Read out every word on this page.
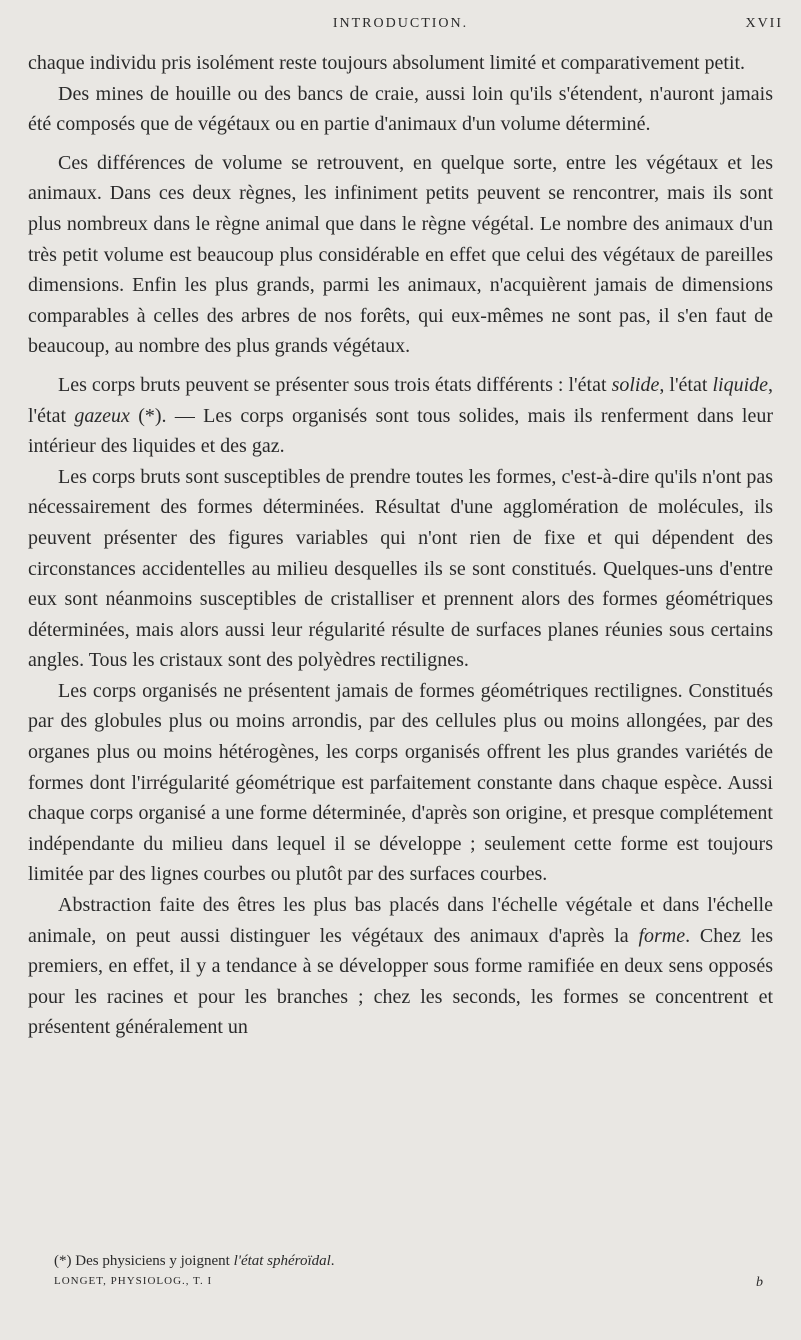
INTRODUCTION.	XVII

chaque individu pris isolément reste toujours absolument limité et comparativement petit.

Des mines de houille ou des bancs de craie, aussi loin qu'ils s'étendent, n'auront jamais été composés que de végétaux ou en partie d'animaux d'un volume déterminé.

Ces différences de volume se retrouvent, en quelque sorte, entre les végétaux et les animaux. Dans ces deux règnes, les infiniment petits peuvent se rencontrer, mais ils sont plus nombreux dans le règne animal que dans le règne végétal. Le nombre des animaux d'un très petit volume est beaucoup plus considérable en effet que celui des végétaux de pareilles dimensions. Enfin les plus grands, parmi les animaux, n'acquièrent jamais de dimensions comparables à celles des arbres de nos forêts, qui eux-mêmes ne sont pas, il s'en faut de beaucoup, au nombre des plus grands végétaux.

Les corps bruts peuvent se présenter sous trois états différents : l'état solide, l'état liquide, l'état gazeux (*). — Les corps organisés sont tous solides, mais ils renferment dans leur intérieur des liquides et des gaz.

Les corps bruts sont susceptibles de prendre toutes les formes, c'est-à-dire qu'ils n'ont pas nécessairement des formes déterminées. Résultat d'une agglomération de molécules, ils peuvent présenter des figures variables qui n'ont rien de fixe et qui dépendent des circonstances accidentelles au milieu desquelles ils se sont constitués. Quelques-uns d'entre eux sont néanmoins susceptibles de cristalliser et prennent alors des formes géométriques déterminées, mais alors aussi leur régularité résulte de surfaces planes réunies sous certains angles. Tous les cristaux sont des polyèdres rectilignes.

Les corps organisés ne présentent jamais de formes géométriques rectilignes. Constitués par des globules plus ou moins arrondis, par des cellules plus ou moins allongées, par des organes plus ou moins hétérogènes, les corps organisés offrent les plus grandes variétés de formes dont l'irrégularité géométrique est parfaitement constante dans chaque espèce. Aussi chaque corps organisé a une forme déterminée, d'après son origine, et presque complétement indépendante du milieu dans lequel il se développe ; seulement cette forme est toujours limitée par des lignes courbes ou plutôt par des surfaces courbes.

Abstraction faite des êtres les plus bas placés dans l'échelle végétale et dans l'échelle animale, on peut aussi distinguer les végétaux des animaux d'après la forme. Chez les premiers, en effet, il y a tendance à se développer sous forme ramifiée en deux sens opposés pour les racines et pour les branches ; chez les seconds, les formes se concentrent et présentent généralement un

(*) Des physiciens y joignent l'état sphéroïdal.
LONGET, PHYSIOLOG., T. I	b
